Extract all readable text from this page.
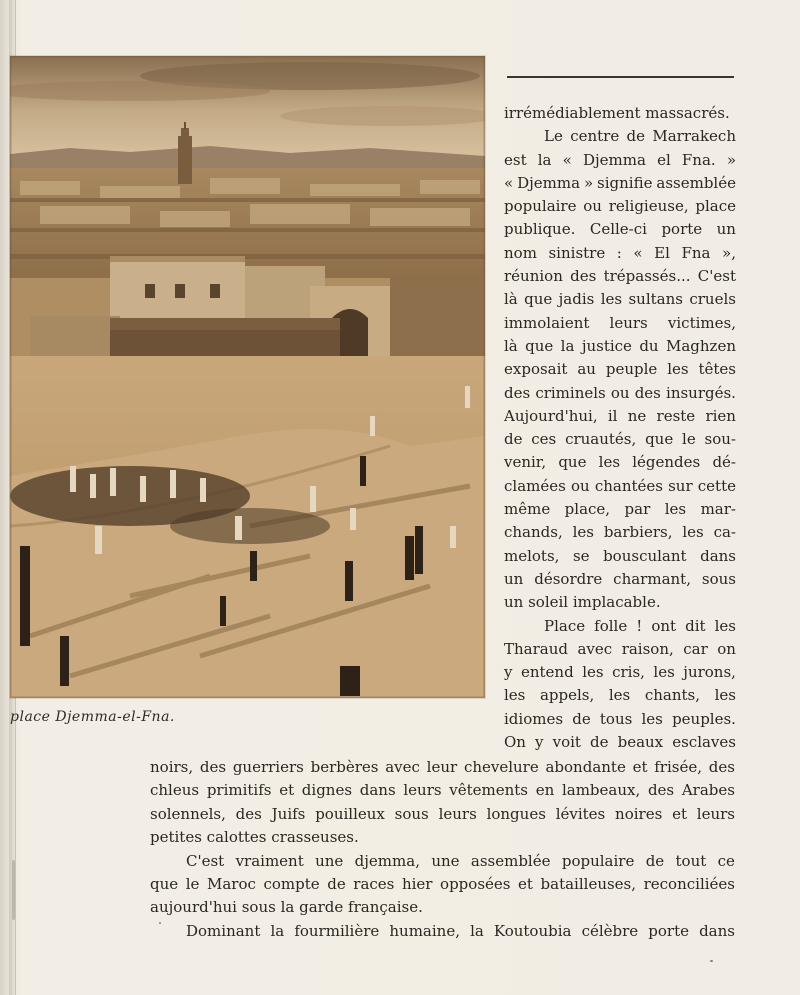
place Djemma-el-Fna.
irrémédiablement massacrés.
Le centre de Marrakech
est la « Djemma el Fna. »
« Djemma » signifie assemblée
populaire ou religieuse, place
publique. Celle-ci porte un
nom sinistre : « El Fna »,
réunion des trépassés... C'est
là que jadis les sultans cruels
immolaient leurs victimes,
là que la justice du Maghzen
exposait au peuple les têtes
des criminels ou des insurgés.
Aujourd'hui, il ne reste rien
de ces cruautés, que le sou-
venir, que les légendes dé-
clamées ou chantées sur cette
même place, par les mar-
chands, les barbiers, les ca-
melots, se bousculant dans
un désordre charmant, sous
un soleil implacable.
Place folle ! ont dit les
Tharaud avec raison, car on
y entend les cris, les jurons,
les appels, les chants, les
idiomes de tous les peuples.
On y voit de beaux esclaves
noirs, des guerriers berbères avec leur chevelure abondante et frisée, des
chleus primitifs et dignes dans leurs vêtements en lambeaux, des Arabes
solennels, des Juifs pouilleux sous leurs longues lévites noires et leurs
petites calottes crasseuses.
C'est vraiment une djemma, une assemblée populaire de tout ce
que le Maroc compte de races hier opposées et batailleuses, reconciliées
aujourd'hui sous la garde française.
Dominant la fourmilière humaine, la Koutoubia célèbre porte dans
